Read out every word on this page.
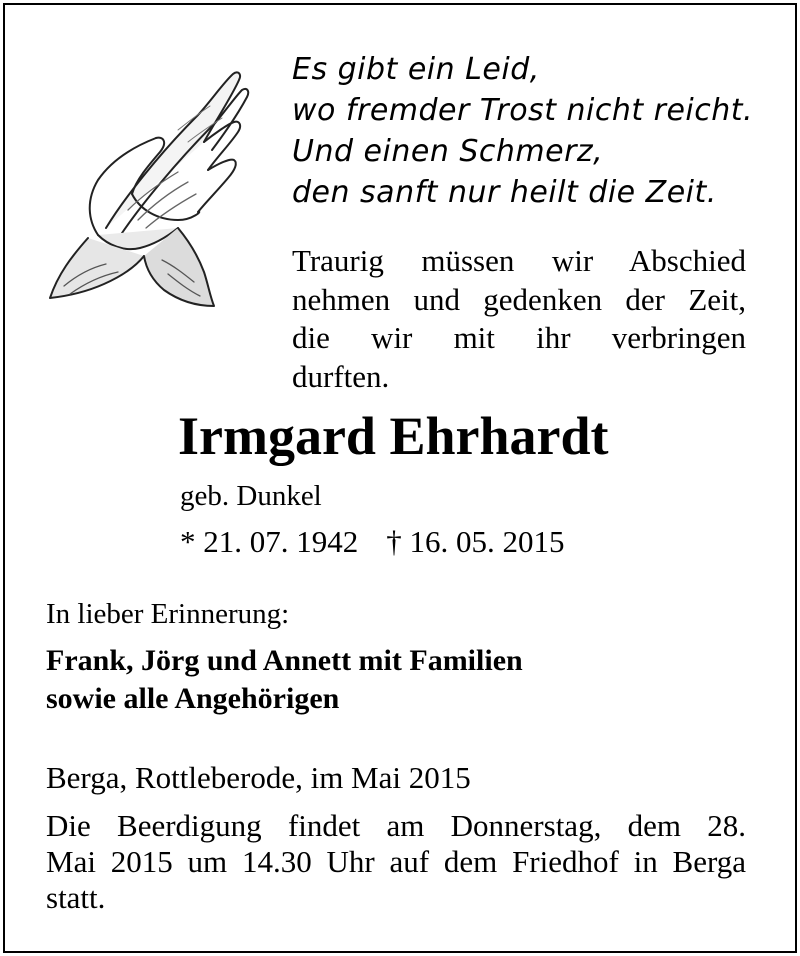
Es gibt ein Leid,
wo fremder Trost nicht reicht.
Und einen Schmerz,
den sanft nur heilt die Zeit.
Traurig müssen wir Abschied
nehmen und gedenken der Zeit,
die wir mit ihr verbringen
durften.
Irmgard Ehrhardt
geb. Dunkel
* 21. 07. 1942 † 16. 05. 2015
In lieber Erinnerung:
Frank, Jörg und Annett mit Familien
sowie alle Angehörigen
Berga, Rottleberode, im Mai 2015
Die Beerdigung findet am Donnerstag, dem 28.
Mai 2015 um 14.30 Uhr auf dem Friedhof in Berga
statt.
